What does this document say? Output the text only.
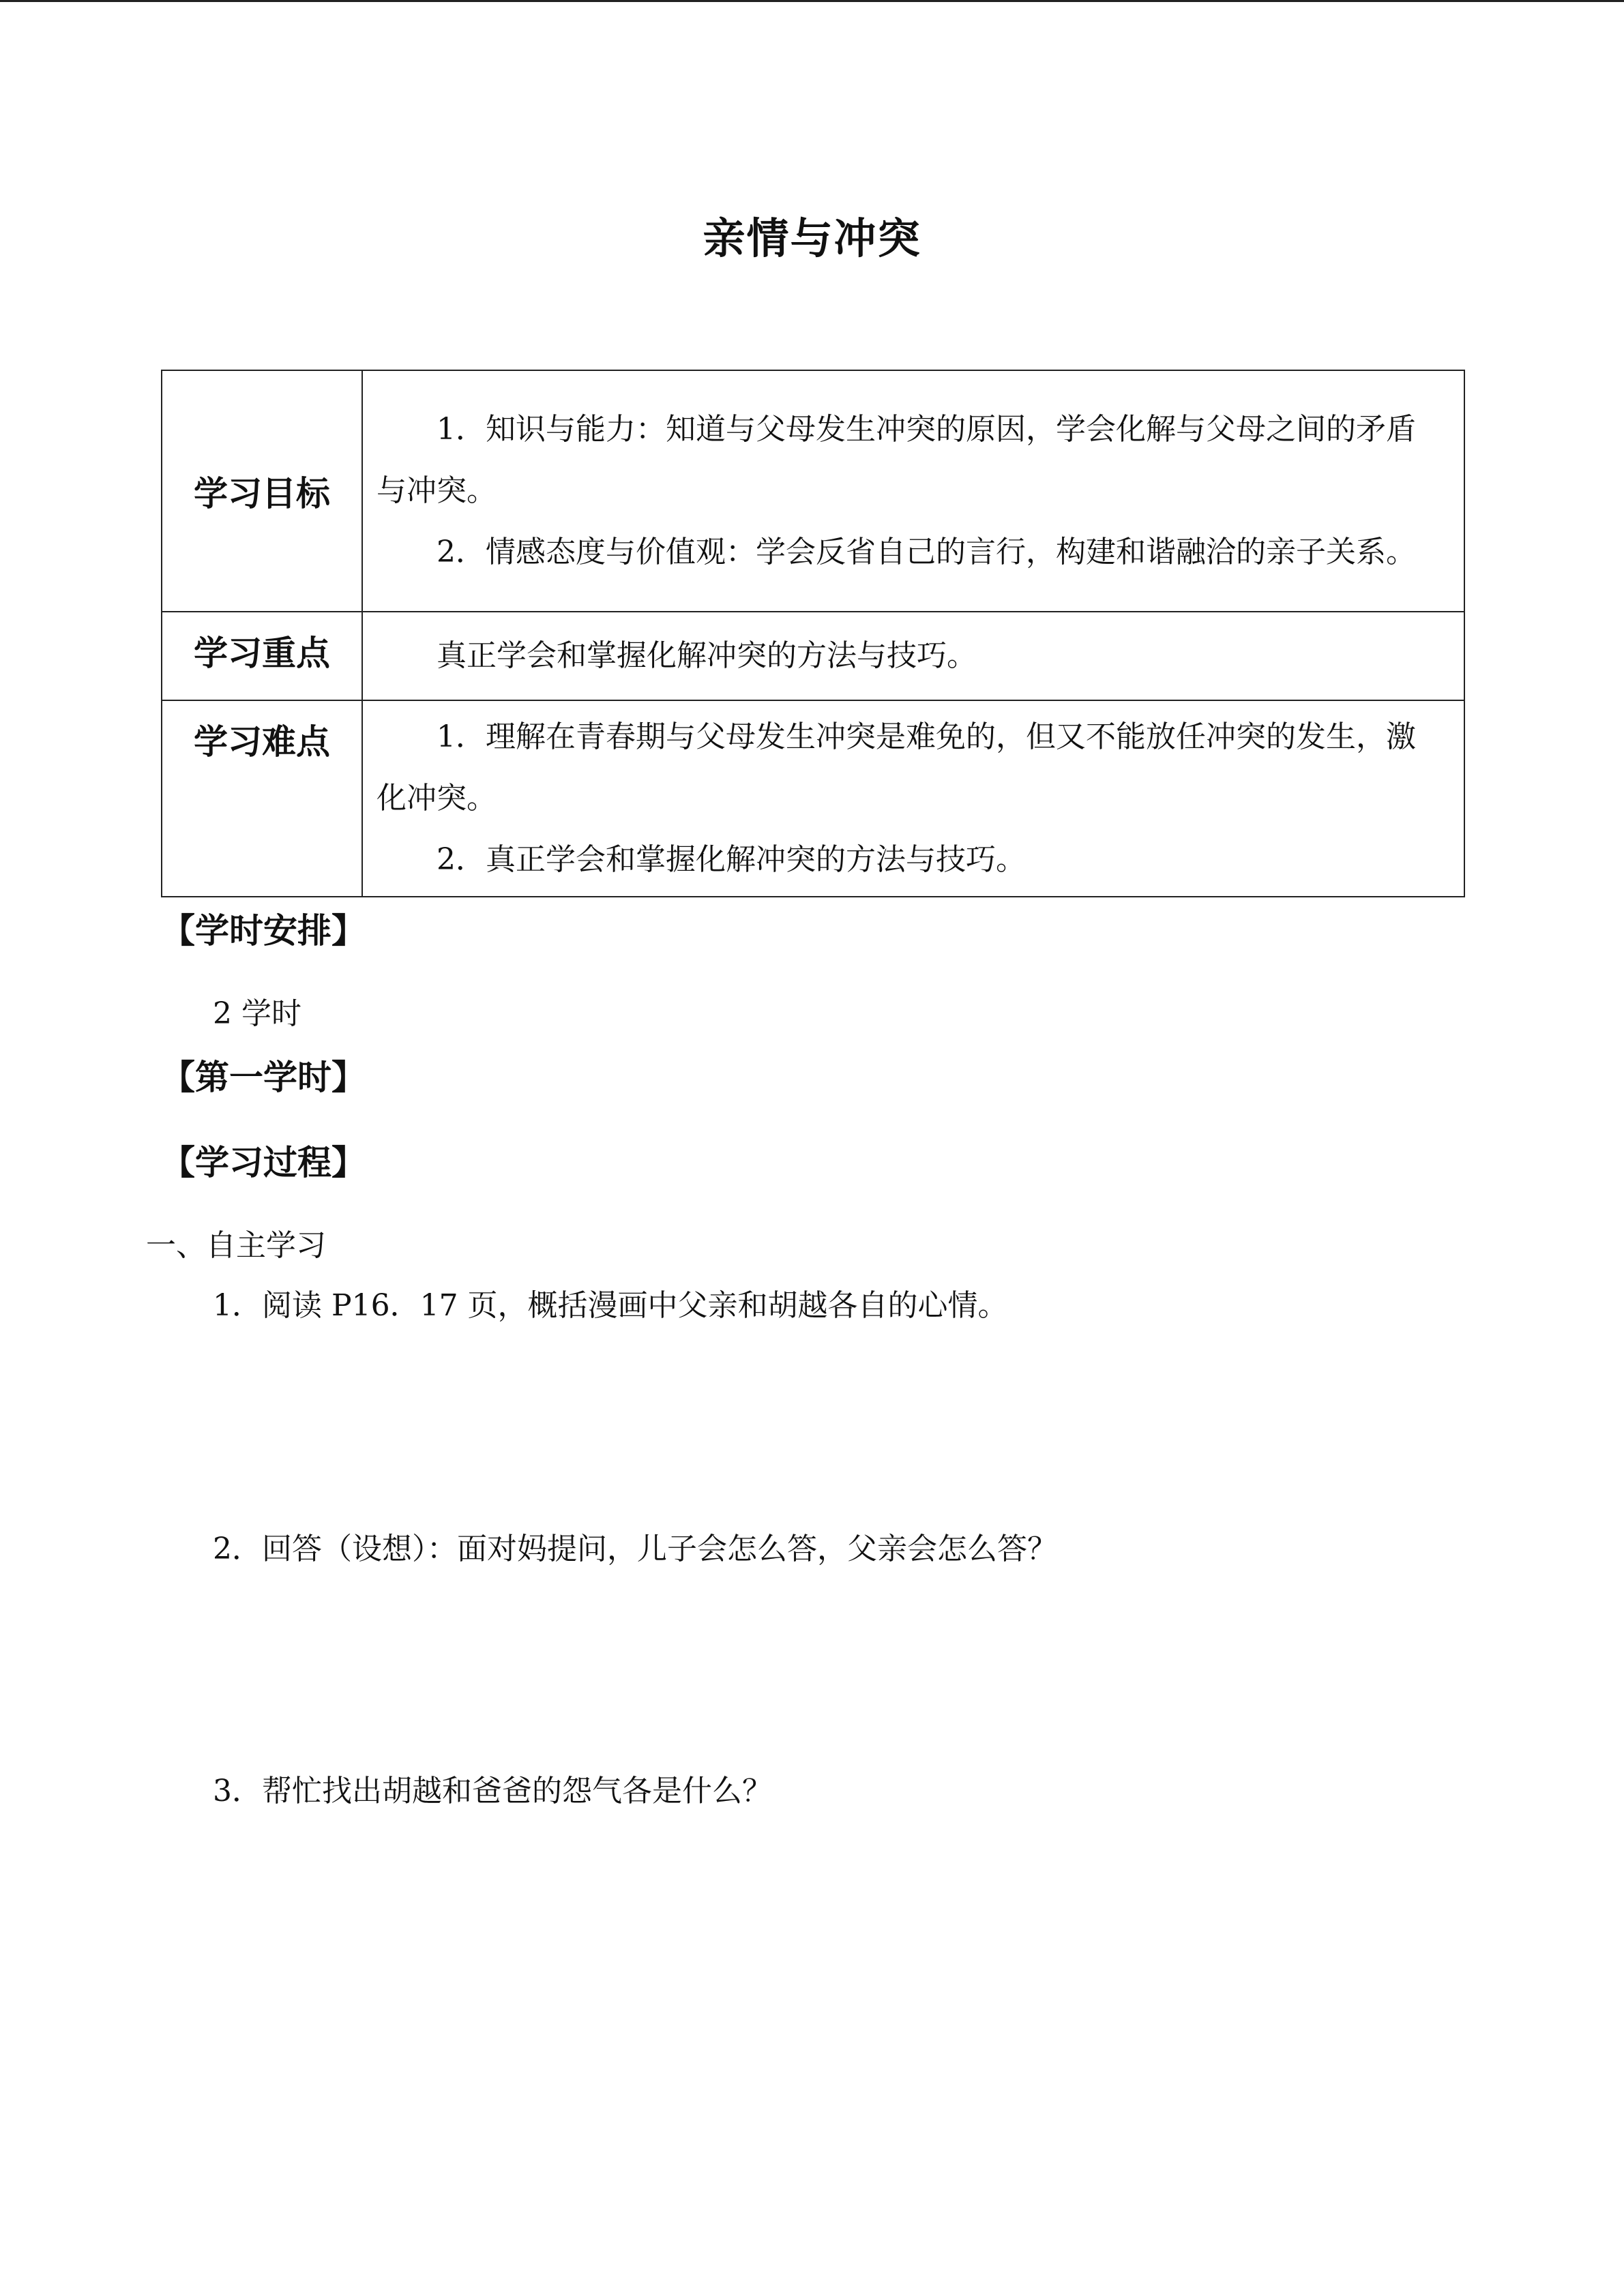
亲情与冲突
学习目标	1．知识与能力：知道与父母发生冲突的原因，学会化解与父母之间的矛盾与冲突。

2．情感态度与价值观：学会反省自己的言行，构建和谐融洽的亲子关系。

学习重点	真正学会和掌握化解冲突的方法与技巧。

学习难点	1．理解在青春期与父母发生冲突是难免的，但又不能放任冲突的发生，激化冲突。

2．真正学会和掌握化解冲突的方法与技巧。

【学时安排】
2 学时
【第一学时】
【学习过程】
一、自主学习
1．阅读 P16．17 页，概括漫画中父亲和胡越各自的心情。
2．回答（设想）：面对妈提问，儿子会怎么答，父亲会怎么答？
3．帮忙找出胡越和爸爸的怨气各是什么？
